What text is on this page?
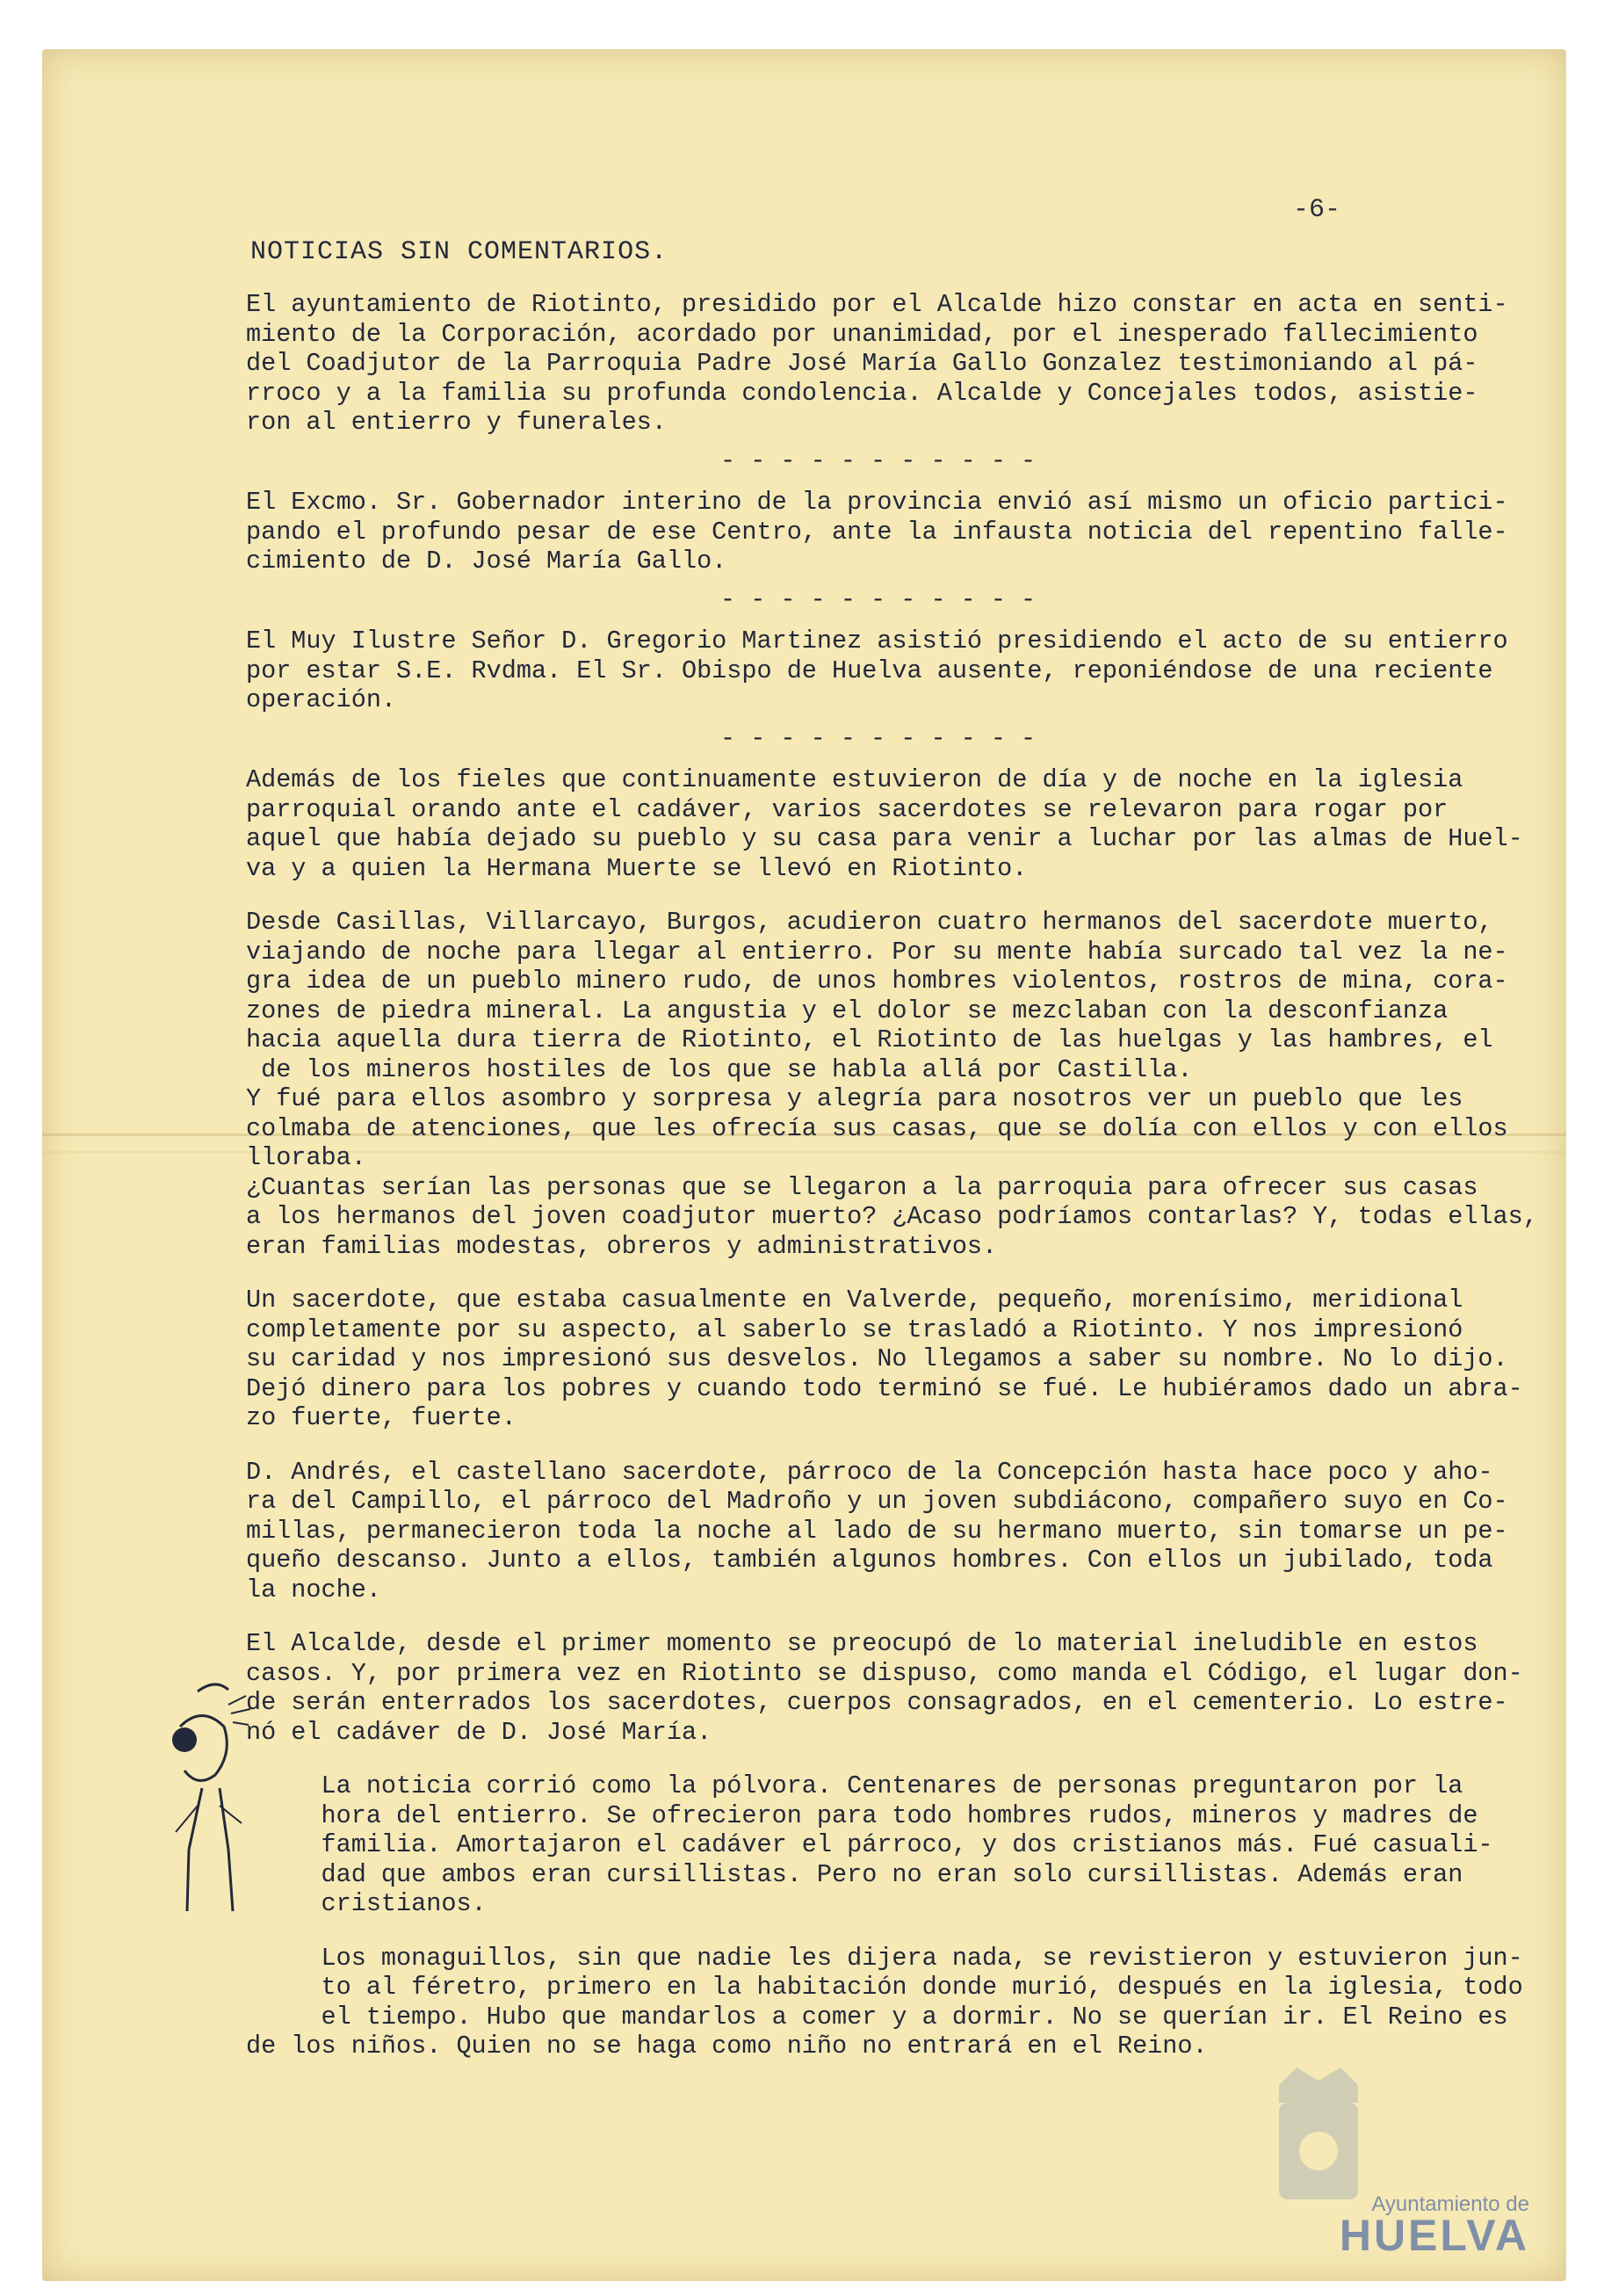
-6-
NOTICIAS SIN COMENTARIOS.

El ayuntamiento de Riotinto, presidido por el Alcalde hizo constar en acta en senti-
miento de la Corporación, acordado por unanimidad, por el inesperado fallecimiento
del Coadjutor de la Parroquia Padre José María Gallo Gonzalez testimoniando al pá-
rroco y a la familia su profunda condolencia. Alcalde y Concejales todos, asistie-
ron al entierro y funerales.

- - - - - - - - - - -

El Excmo. Sr. Gobernador interino de la provincia envió así mismo un oficio partici-
pando el profundo pesar de ese Centro, ante la infausta noticia del repentino falle-
cimiento de D. José María Gallo.

- - - - - - - - - - -

El Muy Ilustre Señor D. Gregorio Martinez asistió presidiendo el acto de su entierro
por estar S.E. Rvdma. El Sr. Obispo de Huelva ausente, reponiéndose de una reciente
operación.

- - - - - - - - - - -

Además de los fieles que continuamente estuvieron de día y de noche en la iglesia
parroquial orando ante el cadáver, varios sacerdotes se relevaron para rogar por
aquel que había dejado su pueblo y su casa para venir a luchar por las almas de Huel-
va y a quien la Hermana Muerte se llevó en Riotinto.

Desde Casillas, Villarcayo, Burgos, acudieron cuatro hermanos del sacerdote muerto,
viajando de noche para llegar al entierro. Por su mente había surcado tal vez la ne-
gra idea de un pueblo minero rudo, de unos hombres violentos, rostros de mina, cora-
zones de piedra mineral. La angustia y el dolor se mezclaban con la desconfianza
hacia aquella dura tierra de Riotinto, el Riotinto de las huelgas y las hambres, el
de los mineros hostiles de los que se habla allá por Castilla.
Y fué para ellos asombro y sorpresa y alegría para nosotros ver un pueblo que les
colmaba de atenciones, que les ofrecía sus casas, que se dolía con ellos y con ellos
lloraba.
¿Cuantas serían las personas que se llegaron a la parroquia para ofrecer sus casas
a los hermanos del joven coadjutor muerto? ¿Acaso podríamos contarlas? Y, todas ellas,
eran familias modestas, obreros y administrativos.

Un sacerdote, que estaba casualmente en Valverde, pequeño, morenísimo, meridional
completamente por su aspecto, al saberlo se trasladó a Riotinto. Y nos impresionó
su caridad y nos impresionó sus desvelos. No llegamos a saber su nombre. No lo dijo.
Dejó dinero para los pobres y cuando todo terminó se fué. Le hubiéramos dado un abra-
zo fuerte, fuerte.

D. Andrés, el castellano sacerdote, párroco de la Concepción hasta hace poco y aho-
ra del Campillo, el párroco del Madroño y un joven subdiácono, compañero suyo en Co-
millas, permanecieron toda la noche al lado de su hermano muerto, sin tomarse un pe-
queño descanso. Junto a ellos, también algunos hombres. Con ellos un jubilado, toda
la noche.

El Alcalde, desde el primer momento se preocupó de lo material ineludible en estos
casos. Y, por primera vez en Riotinto se dispuso, como manda el Código, el lugar don-
de serán enterrados los sacerdotes, cuerpos consagrados, en el cementerio. Lo estre-
nó el cadáver de D. José María.

La noticia corrió como la pólvora. Centenares de personas preguntaron por la
hora del entierro. Se ofrecieron para todo hombres rudos, mineros y madres de
familia. Amortajaron el cadáver el párroco, y dos cristianos más. Fué casuali-
dad que ambos eran cursillistas. Pero no eran solo cursillistas. Además eran
cristianos.

Los monaguillos, sin que nadie les dijera nada, se revistieron y estuvieron jun-
to al féretro, primero en la habitación donde murió, después en la iglesia, todo
el tiempo. Hubo que mandarlos a comer y a dormir. No se querían ir. El Reino es
de los niños. Quien no se haga como niño no entrará en el Reino.

Ayuntamiento de
HUELVA
